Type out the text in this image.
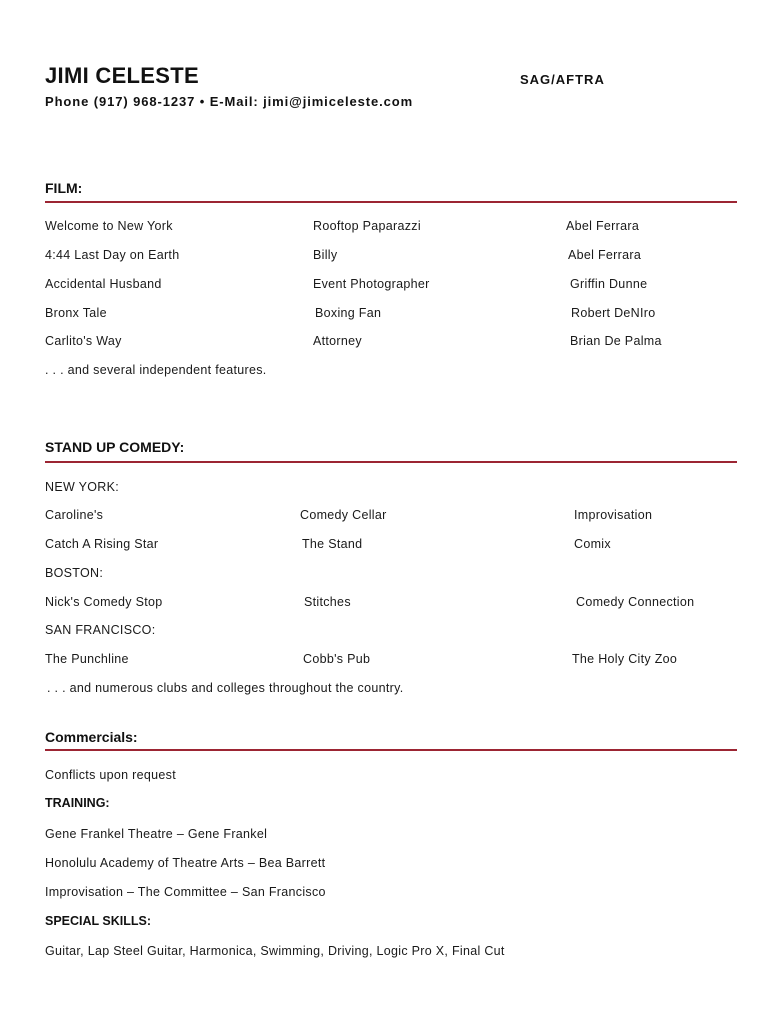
JIMI CELESTE	SAG/AFTRA
Phone (917) 968-1237 • E-Mail: jimi@jimiceleste.com
FILM:
Welcome to New York	Rooftop Paparazzi	Abel Ferrara
4:44 Last Day on Earth	Billy	Abel Ferrara
Accidental Husband	Event Photographer	Griffin Dunne
Bronx Tale	Boxing Fan	Robert DeNIro
Carlito's Way	Attorney	Brian De Palma
. . . and several independent features.
STAND UP COMEDY:
NEW YORK:
Caroline's	Comedy Cellar	Improvisation
Catch A Rising Star	The Stand	Comix
BOSTON:
Nick's Comedy Stop	Stitches	Comedy Connection
SAN FRANCISCO:
The Punchline	Cobb's Pub	The Holy City Zoo
. . . and numerous clubs and colleges throughout the country.
Commercials:
Conflicts upon request
TRAINING:
Gene Frankel Theatre – Gene Frankel
Honolulu Academy of Theatre Arts – Bea Barrett
Improvisation – The Committee – San Francisco
SPECIAL SKILLS:
Guitar, Lap Steel Guitar, Harmonica, Swimming, Driving, Logic Pro X, Final Cut
